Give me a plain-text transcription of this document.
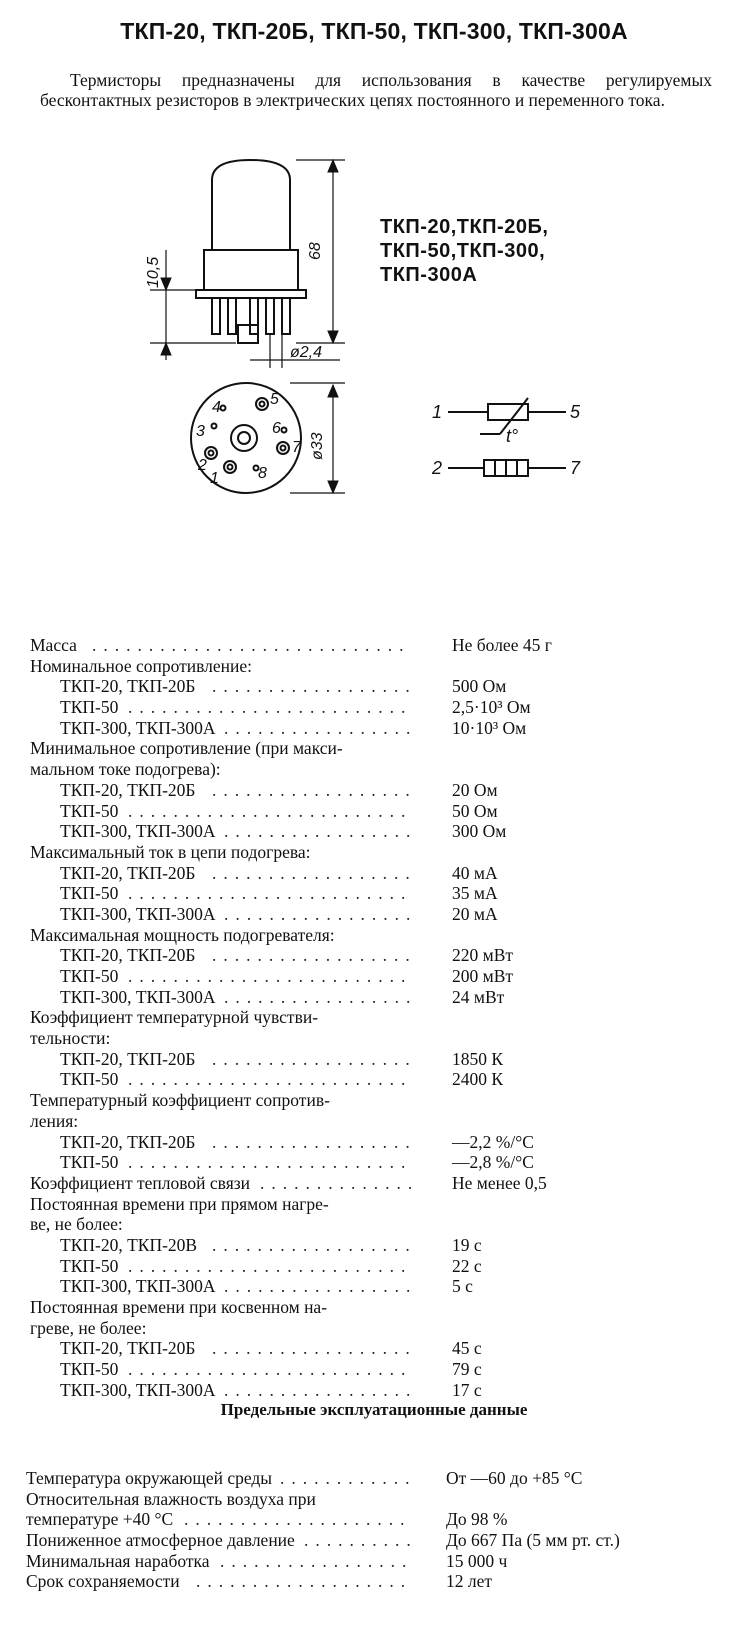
ТКП-20, ТКП-20Б, ТКП-50, ТКП-300, ТКП-300А
Термисторы предназначены для использования в качестве регулируемых бесконтактных резисторов в электрических цепях постоянного и переменного тока.
68
10,5
ø2,4
ø33
1
2
3
4	5
6
7
8
1	5
t°
2	7
ТКП-20,ТКП-20Б,
ТКП-50,ТКП-300,
ТКП-300А
Масса ............................ Не более 45 г
Номинальное сопротивление:
ТКП-20, ТКП-20Б .................. 500 Ом
ТКП-50 ......................... 2,5·10³ Ом
ТКП-300, ТКП-300А ................. 10·10³ Ом
Минимальное сопротивление (при макси-
мальном токе подогрева):
ТКП-20, ТКП-20Б .................. 20 Ом
ТКП-50 ......................... 50 Ом
ТКП-300, ТКП-300А ................. 300 Ом
Максимальный ток в цепи подогрева:
ТКП-20, ТКП-20Б .................. 40 мА
ТКП-50 ......................... 35 мА
ТКП-300, ТКП-300А ................. 20 мА
Максимальная мощность подогревателя:
ТКП-20, ТКП-20Б .................. 220 мВт
ТКП-50 ......................... 200 мВт
ТКП-300, ТКП-300А ................. 24 мВт
Коэффициент температурной чувстви-
тельности:
ТКП-20, ТКП-20Б .................. 1850 К
ТКП-50 ......................... 2400 К
Температурный коэффициент сопротив-
ления:
ТКП-20, ТКП-20Б .................. —2,2 %/°С
ТКП-50 ......................... —2,8 %/°С
Коэффициент тепловой связи .............. Не менее 0,5
Постоянная времени при прямом нагре-
ве, не более:
ТКП-20, ТКП-20В .................. 19 с
ТКП-50 ......................... 22 с
ТКП-300, ТКП-300А ................. 5 с
Постоянная времени при косвенном на-
греве, не более:
ТКП-20, ТКП-20Б .................. 45 с
ТКП-50 ......................... 79 с
ТКП-300, ТКП-300А ................. 17 с
Предельные эксплуатационные данные
Температура окружающей среды ............ От —60 до +85 °С
Относительная влажность воздуха при
температуре +40 °С .................... До 98 %
Пониженное атмосферное давление .......... До 667 Па (5 мм рт. ст.)
Минимальная наработка ................. 15 000 ч
Срок сохраняемости ................... 12 лет
